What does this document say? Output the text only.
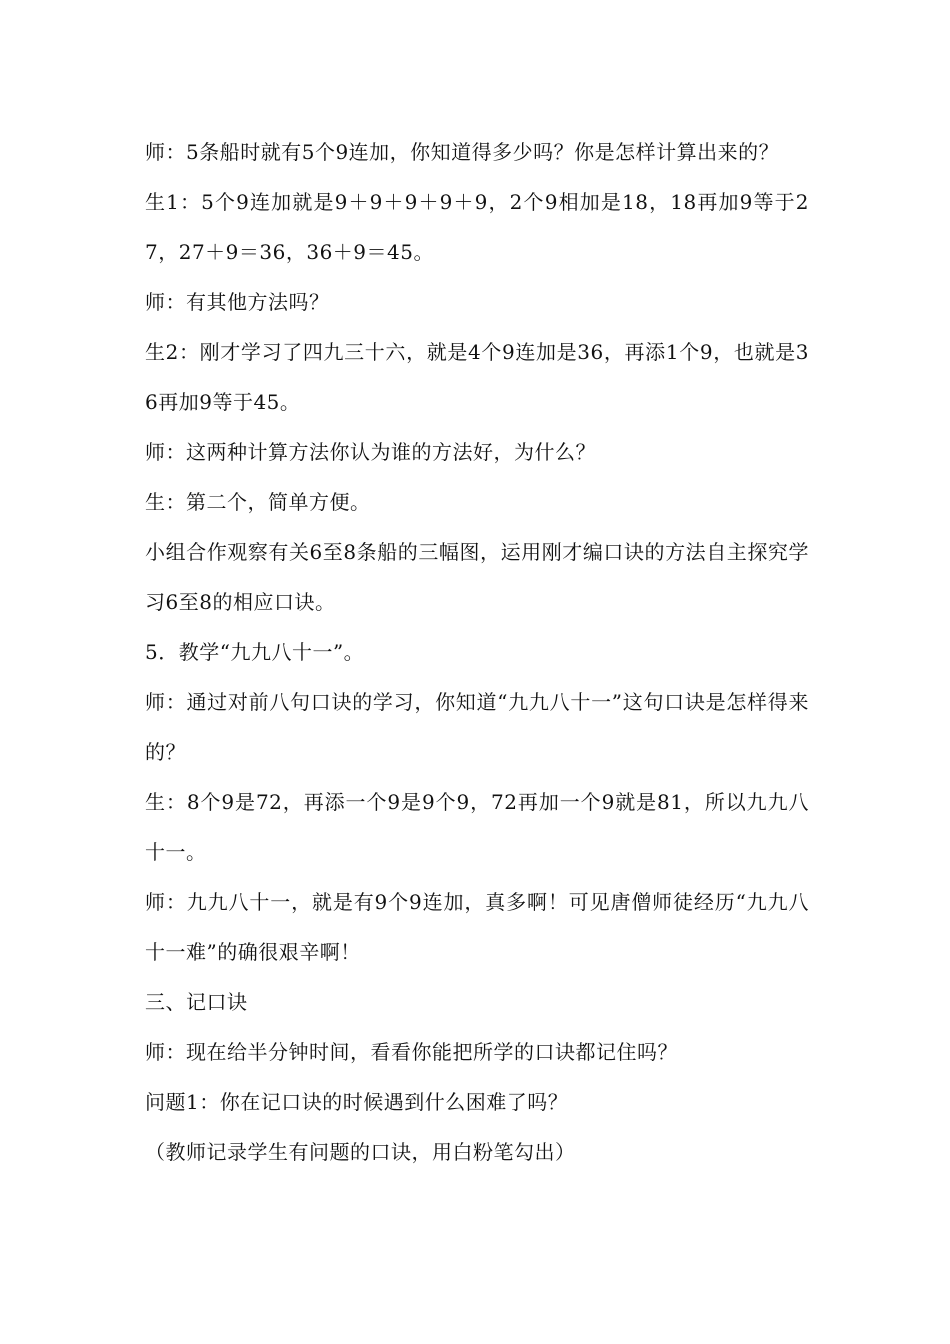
师：5条船时就有5个9连加，你知道得多少吗？你是怎样计算出来的？

生1：5个9连加就是9＋9＋9＋9＋9，2个9相加是18，18再加9等于27，27＋9＝36，36＋9＝45。

师：有其他方法吗？

生2：刚才学习了四九三十六，就是4个9连加是36，再添1个9，也就是36再加9等于45。

师：这两种计算方法你认为谁的方法好，为什么？

生：第二个，简单方便。

小组合作观察有关6至8条船的三幅图，运用刚才编口诀的方法自主探究学习6至8的相应口诀。

5．教学“九九八十一”。

师：通过对前八句口诀的学习，你知道“九九八十一”这句口诀是怎样得来的？

生：8个9是72，再添一个9是9个9，72再加一个9就是81，所以九九八十一。

师：九九八十一，就是有9个9连加，真多啊！可见唐僧师徒经历“九九八十一难”的确很艰辛啊！

三、记口诀

师：现在给半分钟时间，看看你能把所学的口诀都记住吗？

问题1：你在记口诀的时候遇到什么困难了吗？

（教师记录学生有问题的口诀，用白粉笔勾出）
